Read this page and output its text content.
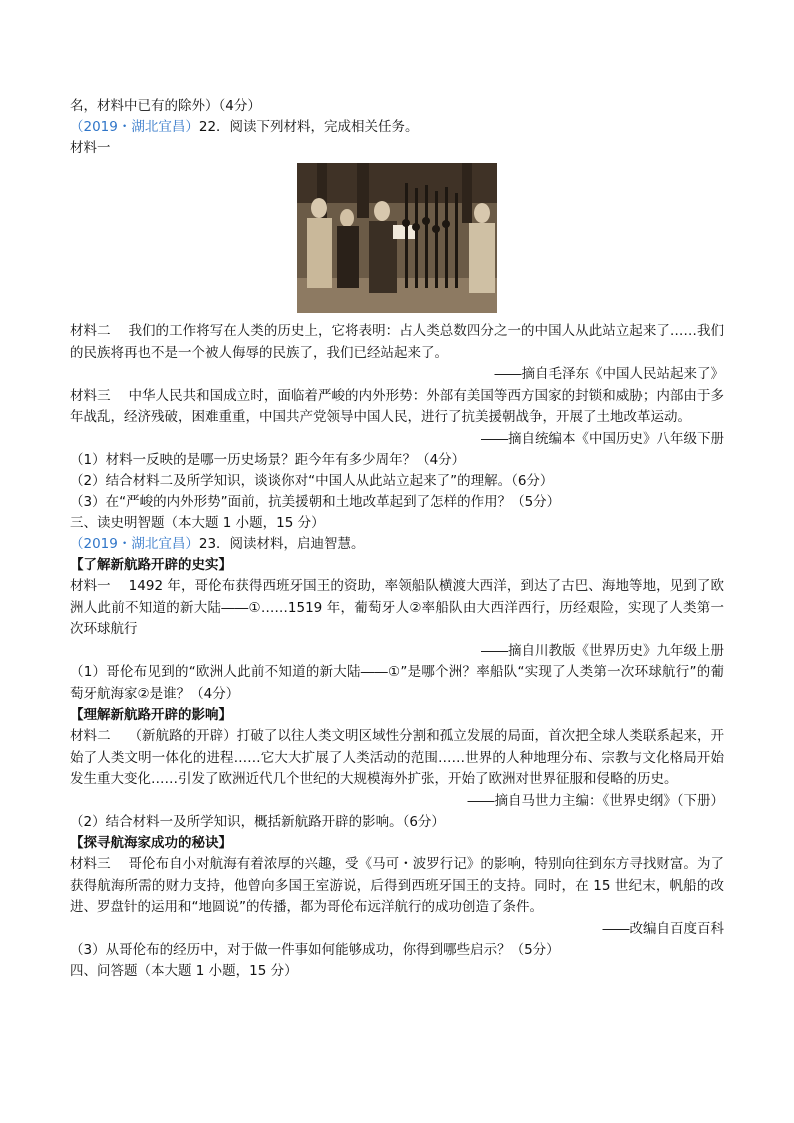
名，材料中已有的除外）（4分）
（2019・湖北宜昌）22．阅读下列材料，完成相关任务。
材料一
材料二　 我们的工作将写在人类的历史上，它将表明：占人类总数四分之一的中国人从此站立起来了……我们的民族将再也不是一个被人侮辱的民族了，我们已经站起来了。
――摘自毛泽东《中国人民站起来了》
材料三　 中华人民共和国成立时，面临着严峻的内外形势：外部有美国等西方国家的封锁和威胁；内部由于多年战乱，经济残破，困难重重，中国共产党领导中国人民，进行了抗美援朝战争，开展了土地改革运动。
――摘自统编本《中国历史》八年级下册
（1）材料一反映的是哪一历史场景？距今年有多少周年？（4分）
（2）结合材料二及所学知识，谈谈你对“中国人从此站立起来了”的理解。（6分）
（3）在“严峻的内外形势”面前，抗美援朝和土地改革起到了怎样的作用？（5分）
三、读史明智题（本大题 1 小题，15 分）
（2019・湖北宜昌）23．阅读材料，启迪智慧。
【了解新航路开辟的史实】
材料一　 1492 年，哥伦布获得西班牙国王的资助，率领船队横渡大西洋，到达了古巴、海地等地，见到了欧洲人此前不知道的新大陆――①……1519 年，葡萄牙人②率船队由大西洋西行，历经艰险，实现了人类第一次环球航行
――摘自川教版《世界历史》九年级上册
（1）哥伦布见到的“欧洲人此前不知道的新大陆――①”是哪个洲？率船队“实现了人类第一次环球航行”的葡萄牙航海家②是谁？（4分）
【理解新航路开辟的影响】
材料二　 （新航路的开辟）打破了以往人类文明区域性分割和孤立发展的局面，首次把全球人类联系起来，开始了人类文明一体化的进程……它大大扩展了人类活动的范围……世界的人种地理分布、宗教与文化格局开始发生重大变化……引发了欧洲近代几个世纪的大规模海外扩张，开始了欧洲对世界征服和侵略的历史。
――摘自马世力主编：《世界史纲》（下册）
（2）结合材料一及所学知识，概括新航路开辟的影响。（6分）
【探寻航海家成功的秘诀】
材料三　 哥伦布自小对航海有着浓厚的兴趣，受《马可・波罗行记》的影响，特别向往到东方寻找财富。为了获得航海所需的财力支持，他曾向多国王室游说，后得到西班牙国王的支持。同时，在 15 世纪末，帆船的改进、罗盘针的运用和“地圆说”的传播，都为哥伦布远洋航行的成功创造了条件。
――改编自百度百科
（3）从哥伦布的经历中，对于做一件事如何能够成功，你得到哪些启示？（5分）
四、问答题（本大题 1 小题，15 分）
